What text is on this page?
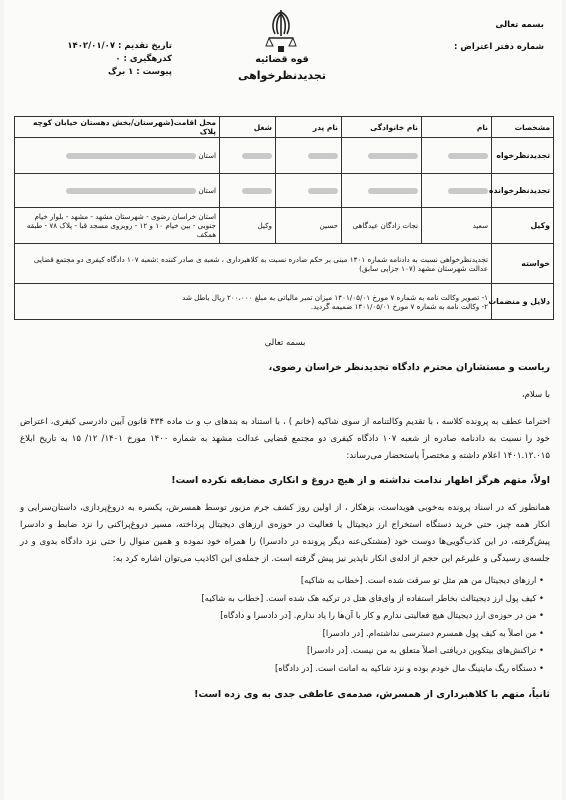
بسمه تعالی
شماره دفتر اعتراض :
قوه قضائیه
تجدیدنظرخواهی
تاریخ تقدیم : ۱۴۰۲/۰۱/۰۷
کدرهگیری : ۰
پیوست : ۱ برگ
مشخصات	نام	نام خانوادگی	نام پدر	شغل	محل اقامت(شهرستان/بخش دهستان خیابان کوچه پلاک
تجدیدنظرخواه					استان
تجدیدنظرخوانده					استان
وکیل	سعید	نجات زادگان عیدگاهی	حسین	وکیل	استان خراسان رضوی - شهرستان مشهد - مشهد - بلوار خیام جنوبی - بین خیام ۱۰ و ۱۲ - روبروی مسجد قبا - پلاک ۷۸ - طبقه همکف
خواسته	تجدیدنظرخواهی نسبت به دادنامه شماره ۱۴۰۱ مبنی بر حکم صادره نسبت به کلاهبرداری ، شعبه ی صادر کننده :شعبه ۱۰۷ دادگاه کیفری دو مجتمع قضایی عدالت شهرستان مشهد (۱۰۷ جزایی سابق)				
دلایل و منضمات	۱- تصویر وکالت نامه به شماره ۷ مورخ ۱۴۰۱/۰۵/۰۱ میزان تمبر مالیاتی به مبلغ ۲۰۰،۰۰۰ ریال باطل شد
۲- وکالت نامه به شماره ۷ مورخ ۱۴۰۱/۰۵/۰۱ ضمیمه گردید.				
بسمه تعالی
ریاست و مستشاران محترم دادگاه تجدیدنظر خراسان رضوی،
با سلام،
احتراما عطف به پرونده کلاسه ، با تقدیم وکالتنامه از سوی شاکیه (خانم ) ، با استناد به بندهای ب و ت ماده ۴۳۴ قانون آیین دادرسی کیفری، اعتراض خود را نسبت به دادنامه صادره از شعبه ۱۰۷ دادگاه کیفری دو مجتمع قضایی عدالت مشهد به شماره ۱۴۰۰ مورخ ۱۴۰۱/ ۱۲/ ۱۵ به تاریخ ابلاغ ۱۴۰۱.۱۲.۰۱۵ اعلام داشته و مختصراً باستحضار می‌رساند:
اولاً، متهم هرگز اظهار ندامت نداشته و از هیچ دروغ و انکاری مضایقه نکرده است!
همانطور که در اسناد پرونده به‌خوبی هویداست، بزهکار ، از اولین روز کشف جرم مزبور توسط همسرش، یکسره به دروغ‌پردازی، داستان‌سرایی و انکار همه چیز، حتی خرید دستگاه استخراج ارز دیجیتال یا فعالیت در حوزه‌ی ارزهای دیجیتال پرداخته، مسیر دروغ‌پراکنی را نزد ضابط و دادسرا پیش‌گرفته، در این کذب‌گویی‌ها دوست خود (مشتکی‌عنه دیگر پرونده در دادسرا) را همراه خود نموده و همین منوال را حتی نزد دادگاه بدوی و در جلسه‌ی رسیدگی و علیرغم این حجم از ادله‌ی انکار ناپذیر نیز پیش گرفته است. از جمله‌ی این اکاذیب می‌توان اشاره کرد به:
• ارزهای دیجیتال من هم مثل تو سرقت شده است. [خطاب به شاکیه]
• کیف پول ارز دیجیتالت بخاطر استفاده از وای‌فای هتل در ترکیه هک شده است. [خطاب به شاکیه]
• من در حوزه‌ی ارز دیجیتال هیچ فعالیتی ندارم و کار با آن‌ها را یاد ندارم. [در دادسرا و دادگاه]
• من اصلاً به کیف پول همسرم دسترسی نداشته‌ام. [در دادسرا]
• تراکنش‌های بیتکوین دریافتی اصلاً متعلق به من نیست. [در دادسرا]
• دستگاه ریگ ماینینگ مال خودم بوده و نزد شاکیه به امانت است. [در دادگاه]
ثانیاً، متهم با کلاهبرداری از همسرش، صدمه‌ی عاطفی جدی به وی زده است!
